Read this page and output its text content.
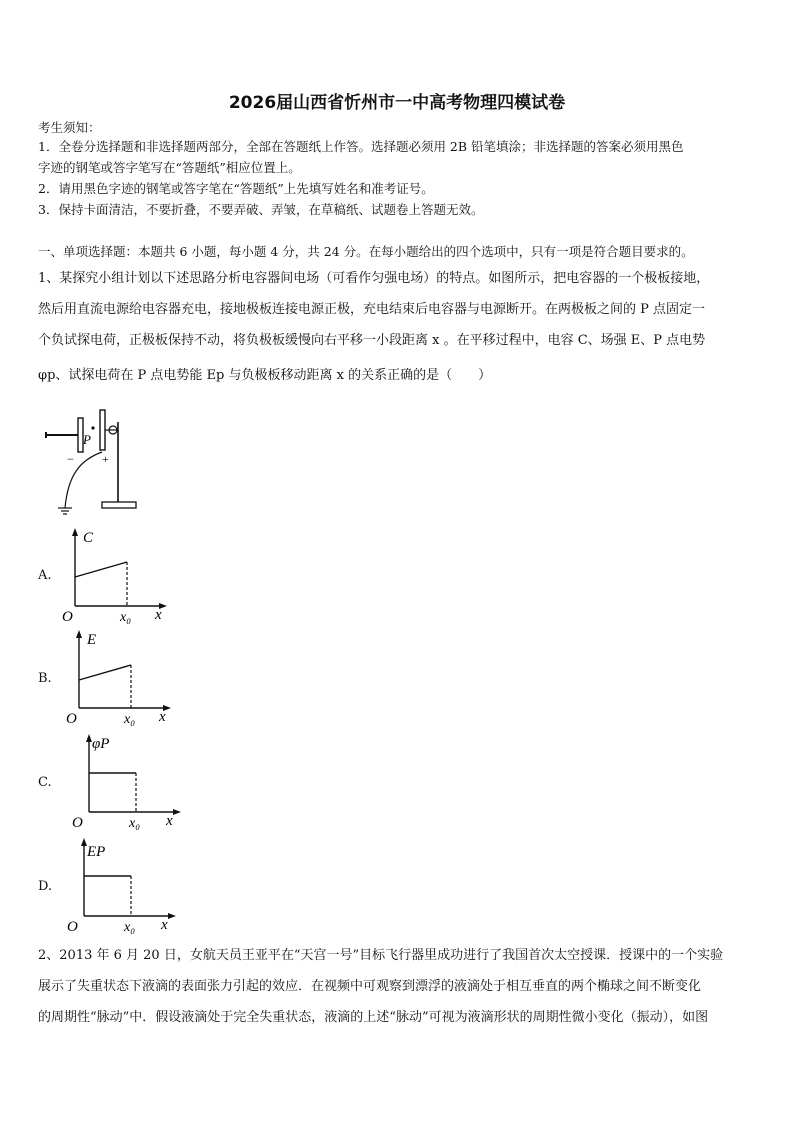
2026届山西省忻州市一中高考物理四模试卷
考生须知：
1．全卷分选择题和非选择题两部分，全部在答题纸上作答。选择题必须用 2B 铅笔填涂；非选择题的答案必须用黑色
字迹的钢笔或答字笔写在“答题纸”相应位置上。
2．请用黑色字迹的钢笔或答字笔在“答题纸”上先填写姓名和准考证号。
3．保持卡面清洁，不要折叠，不要弄破、弄皱，在草稿纸、试题卷上答题无效。
一、单项选择题：本题共 6 小题，每小题 4 分，共 24 分。在每小题给出的四个选项中，只有一项是符合题目要求的。
1、某探究小组计划以下述思路分析电容器间电场（可看作匀强电场）的特点。如图所示，把电容器的一个极板接地，
然后用直流电源给电容器充电，接地极板连接电源正极，充电结束后电容器与电源断开。在两极板之间的 P 点固定一
个负试探电荷，正极板保持不动，将负极板缓慢向右平移一小段距离 x 。在平移过程中，电容 C、场强 E、P 点电势
φp、试探电荷在 P 点电势能 Ep 与负极板移动距离 x 的关系正确的是（　　）
P
− +
A.
C
O	x₀ x
B.
E
O	x₀ x
C.
φP
O	x₀ x
D.
EP
O	x₀ x
2、2013 年 6 月 20 日，女航天员王亚平在“天宫一号”目标飞行器里成功进行了我国首次太空授课．授课中的一个实验
展示了失重状态下液滴的表面张力引起的效应．在视频中可观察到漂浮的液滴处于相互垂直的两个椭球之间不断变化
的周期性“脉动”中．假设液滴处于完全失重状态，液滴的上述“脉动”可视为液滴形状的周期性微小变化（振动），如图
